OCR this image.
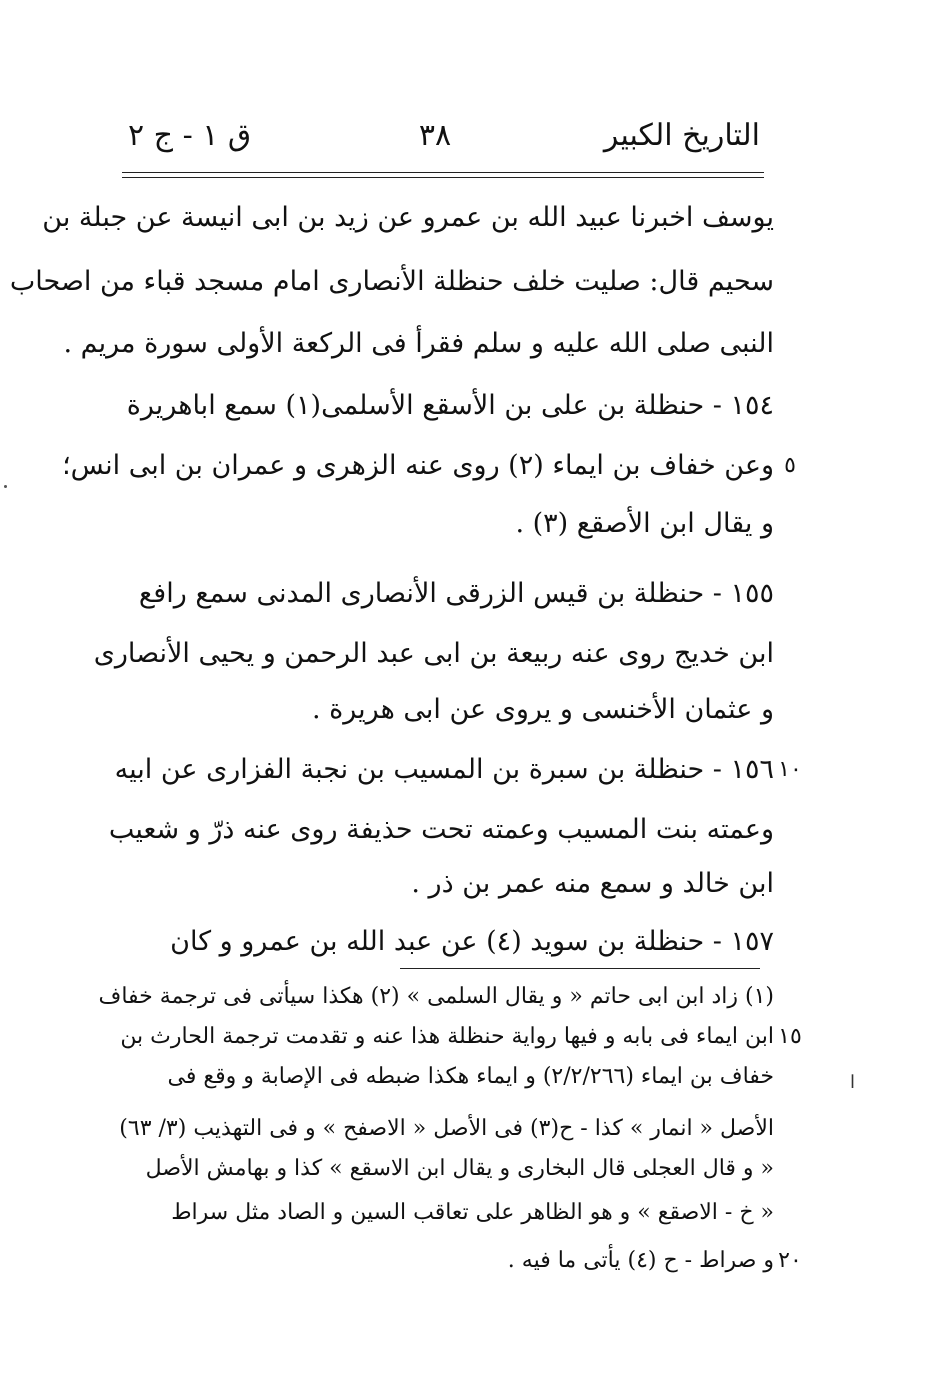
التاريخ الكبير
٣٨
ق ١ - ج ٢
يوسف اخبرنا عبيد الله بن عمرو عن زيد بن ابى انيسة عن جبلة بن
سحيم قال: صليت خلف حنظلة الأنصارى امام مسجد قباء من اصحاب
النبى صلى الله عليه و سلم فقرأ فى الركعة الأولى سورة مريم .
١٥٤ - حنظلة بن على بن الأسقع الأسلمى(١) سمع اباهريرة
وعن خفاف بن ايماء (٢) روى عنه الزهرى و عمران بن ابى انس؛
و يقال ابن الأصقع (٣) .
١٥٥ - حنظلة بن قيس الزرقى الأنصارى المدنى سمع رافع
ابن خديج روى عنه ربيعة بن ابى عبد الرحمن و يحيى الأنصارى
و عثمان الأخنسى و يروى عن ابى هريرة .
١٥٦ - حنظلة بن سبرة بن المسيب بن نجبة الفزارى عن ابيه
وعمته بنت المسيب وعمته تحت حذيفة روى عنه ذرّ و شعيب
ابن خالد و سمع منه عمر بن ذر .
١٥٧ - حنظلة بن سويد (٤) عن عبد الله بن عمرو و كان
(١) زاد ابن ابى حاتم « و يقال السلمى » (٢) هكذا سيأتى فى ترجمة خفاف
ابن ايماء فى بابه و فيها رواية حنظلة هذا عنه و تقدمت ترجمة الحارث بن
خفاف بن ايماء (٢/٢/٢٦٦) و ايماء هكذا ضبطه فى الإصابة و وقع فى
الأصل « انمار » كذا - ح(٣) فى الأصل « الاصفح » و فى التهذيب (٣/ ٦٣)
« و قال العجلى قال البخارى و يقال ابن الاسقع » كذا و بهامش الأصل
« خ - الاصقع » و هو الظاهر على تعاقب السين و الصاد مثل سراط
و صراط - ح (٤) يأتى ما فيه .
٥
١٠
١٥
٢٠
ا
